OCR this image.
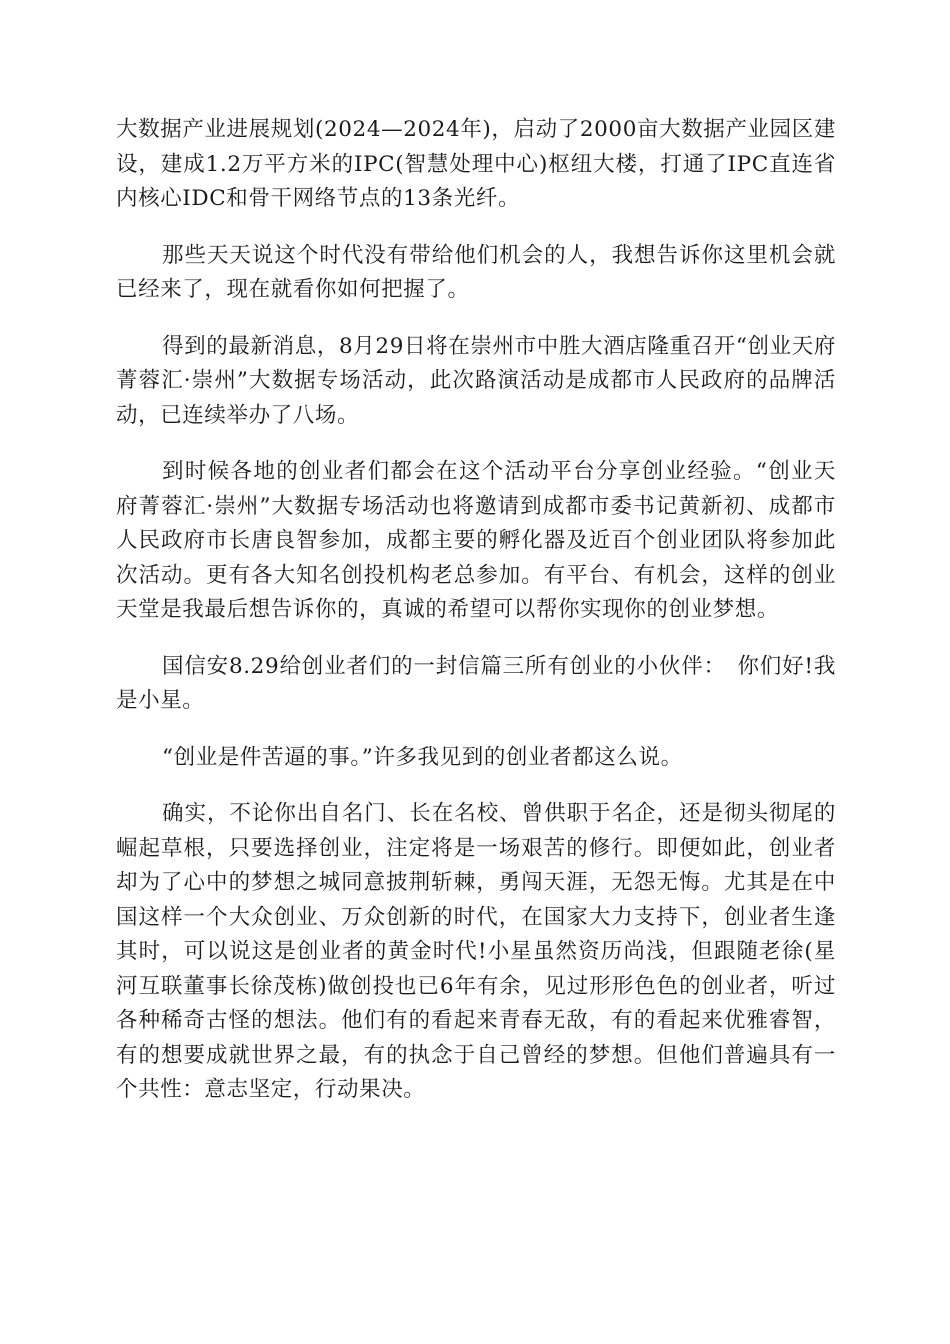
大数据产业进展规划(2024—2024年)，启动了2000亩大数据产业园区建设，建成1.2万平方米的IPC(智慧处理中心)枢纽大楼，打通了IPC直连省内核心IDC和骨干网络节点的13条光纤。

那些天天说这个时代没有带给他们机会的人，我想告诉你这里机会就已经来了，现在就看你如何把握了。

得到的最新消息，8月29日将在崇州市中胜大酒店隆重召开“创业天府菁蓉汇·崇州”大数据专场活动，此次路演活动是成都市人民政府的品牌活动，已连续举办了八场。

到时候各地的创业者们都会在这个活动平台分享创业经验。“创业天府菁蓉汇·崇州”大数据专场活动也将邀请到成都市委书记黄新初、成都市人民政府市长唐良智参加，成都主要的孵化器及近百个创业团队将参加此次活动。更有各大知名创投机构老总参加。有平台、有机会，这样的创业天堂是我最后想告诉你的，真诚的希望可以帮你实现你的创业梦想。

国信安8.29给创业者们的一封信篇三所有创业的小伙伴：　你们好!我是小星。

“创业是件苦逼的事。”许多我见到的创业者都这么说。

确实，不论你出自名门、长在名校、曾供职于名企，还是彻头彻尾的崛起草根，只要选择创业，注定将是一场艰苦的修行。即便如此，创业者却为了心中的梦想之城同意披荆斩棘，勇闯天涯，无怨无悔。尤其是在中国这样一个大众创业、万众创新的时代，在国家大力支持下，创业者生逢其时，可以说这是创业者的黄金时代!小星虽然资历尚浅，但跟随老徐(星河互联董事长徐茂栋)做创投也已6年有余，见过形形色色的创业者，听过各种稀奇古怪的想法。他们有的看起来青春无敌，有的看起来优雅睿智，有的想要成就世界之最，有的执念于自己曾经的梦想。但他们普遍具有一个共性：意志坚定，行动果决。
